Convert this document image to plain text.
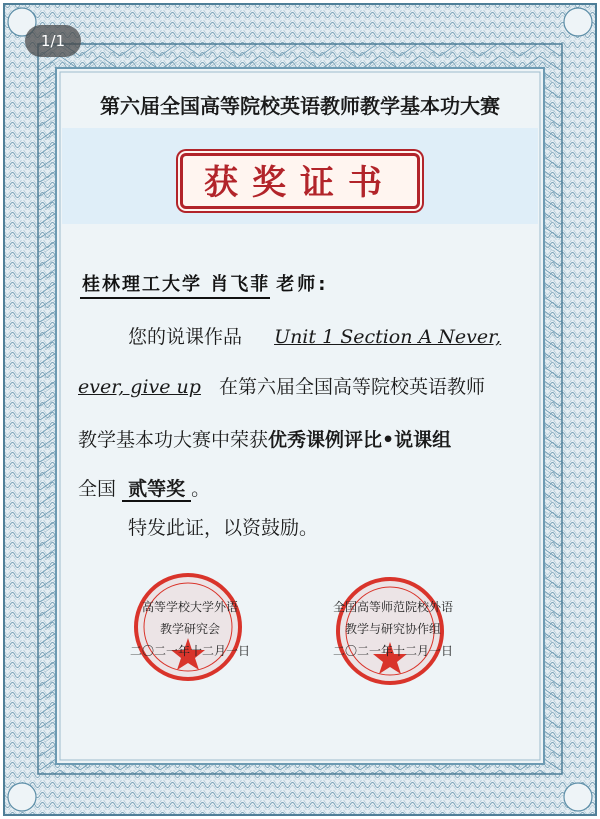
1/1
第六届全国高等院校英语教师教学基本功大赛
获奖证书
桂林理工大学 肖飞菲 老师:
您的说课作品 Unit 1 Section A Never,
ever, give up 在第六届全国高等院校英语教师
教学基本功大赛中荣获优秀课例评比•说课组
全国 贰等奖 。
特发此证，以资鼓励。
高等学校大学外语
教学研究会
二〇二一年十二月一日
全国高等师范院校外语
教学与研究协作组
二〇二一年十二月一日
